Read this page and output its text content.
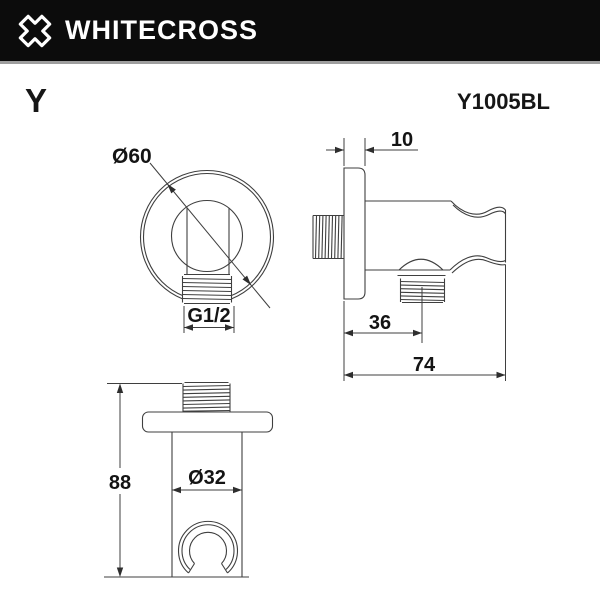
WHITECROSS
Y	Y1005BL
Ø60
G1/2
10
36
74
88	Ø32
